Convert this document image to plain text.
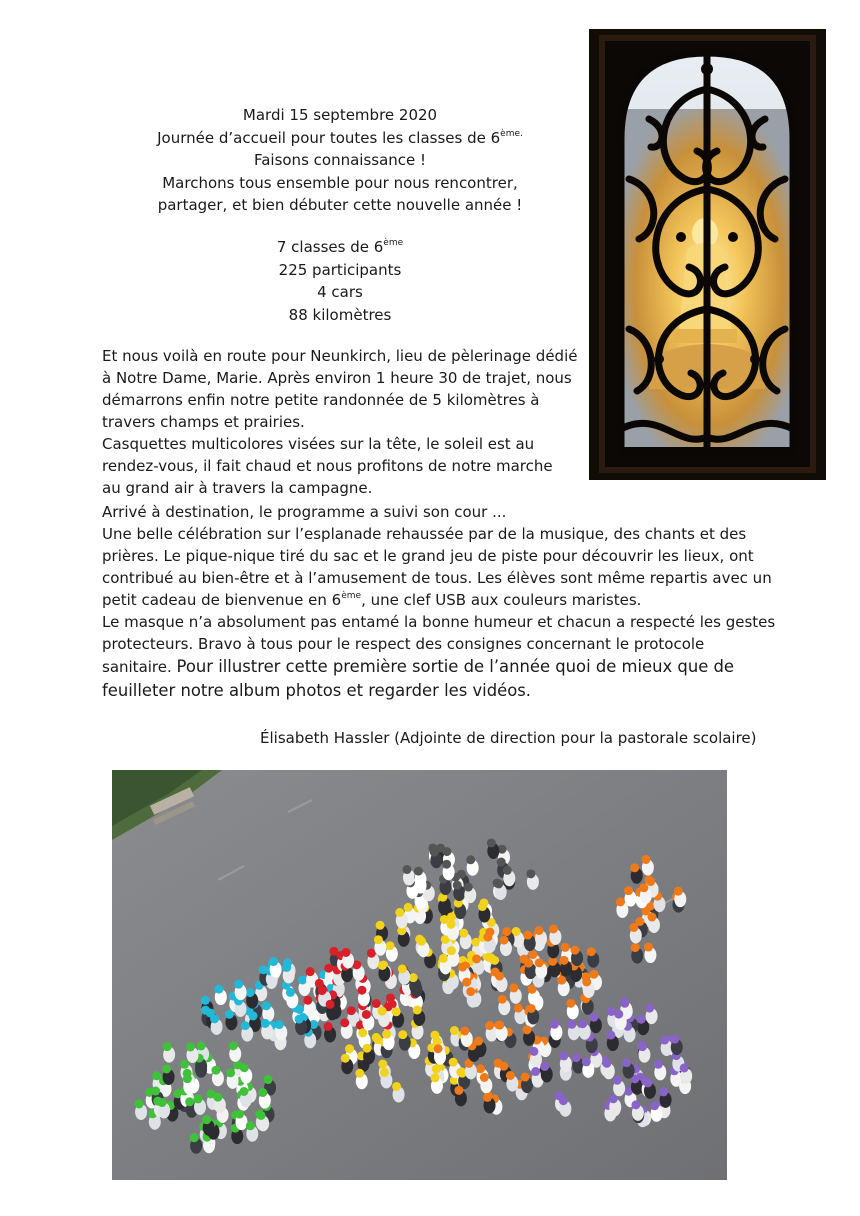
Mardi 15 septembre 2020
Journée d’accueil pour toutes les classes de $6^{ème.}$
Faisons connaissance !
Marchons tous ensemble pour nous rencontrer,
partager, et bien débuter cette nouvelle année !
7 classes de 6ème
225 participants
4 cars
88 kilomètres
Et nous voilà en route pour Neunkirch, lieu de pèlerinage dédié
à Notre Dame, Marie. Après environ 1 heure 30 de trajet, nous
démarrons enfin notre petite randonnée de 5 kilomètres à
travers champs et prairies.
Casquettes multicolores visées sur la tête, le soleil est au
rendez-vous, il fait chaud et nous profitons de notre marche
au grand air à travers la campagne.
Arrivé à destination, le programme a suivi son cour ...
Une belle célébration sur l’esplanade rehaussée par de la musique, des chants et des
prières. Le pique-nique tiré du sac et le grand jeu de piste pour découvrir les lieux, ont
contribué au bien-être et à l’amusement de tous. Les élèves sont même repartis avec un
petit cadeau de bienvenue en 6ème, une clef USB aux couleurs maristes.
Le masque n’a absolument pas entamé la bonne humeur et chacun a respecté les gestes
protecteurs. Bravo à tous pour le respect des consignes concernant le protocole
sanitaire. Pour illustrer cette première sortie de l’année quoi de mieux que de
feuilleter notre album photos et regarder les vidéos.
Élisabeth Hassler (Adjointe de direction pour la pastorale scolaire)
